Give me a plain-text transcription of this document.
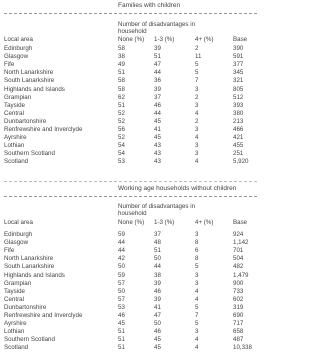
Families with children
Number of disadvantages in
household
Local area	None (%) 1-3 (%)	4+ (%)	Base
Edinburgh	58	39	2	390
Glasgow	38	51	11	591
Fife	49	47	5	377
North Lanarkshire	51	44	5	345
South Lanarkshire	58	36	7	321
Highlands and Islands	58	39	3	805
Grampian	62	37	2	512
Tayside	51	46	3	393
Central	52	44	4	380
Dunbartonshire	52	45	2	213
Renfrewshire and Inverclyde	56	41	3	466
Ayrshire	52	45	4	421
Lothian	54	43	3	455
Southern Scotland	54	43	3	251
Scotland	53	43	4	5,920
Working age households without children
Number of disadvantages in
household
Local area	None (%) 1-3 (%)	4+ (%)	Base
Edinburgh	59	37	3	924
Glasgow	44	48	8	1,142
Fife	44	51	6	701
North Lanarkshire	42	50	8	504
South Lanarkshire	50	44	5	482
Highlands and Islands	59	38	3	1,479
Grampian	57	39	3	900
Tayside	50	46	4	733
Central	57	39	4	602
Dunbartonshire	53	41	5	319
Renfrewshire and Inverclyde	46	47	7	690
Ayrshire	45	50	5	717
Lothian	51	46	3	658
Southern Scotland	51	45	4	487
Scotland	51	45	4	10,338
